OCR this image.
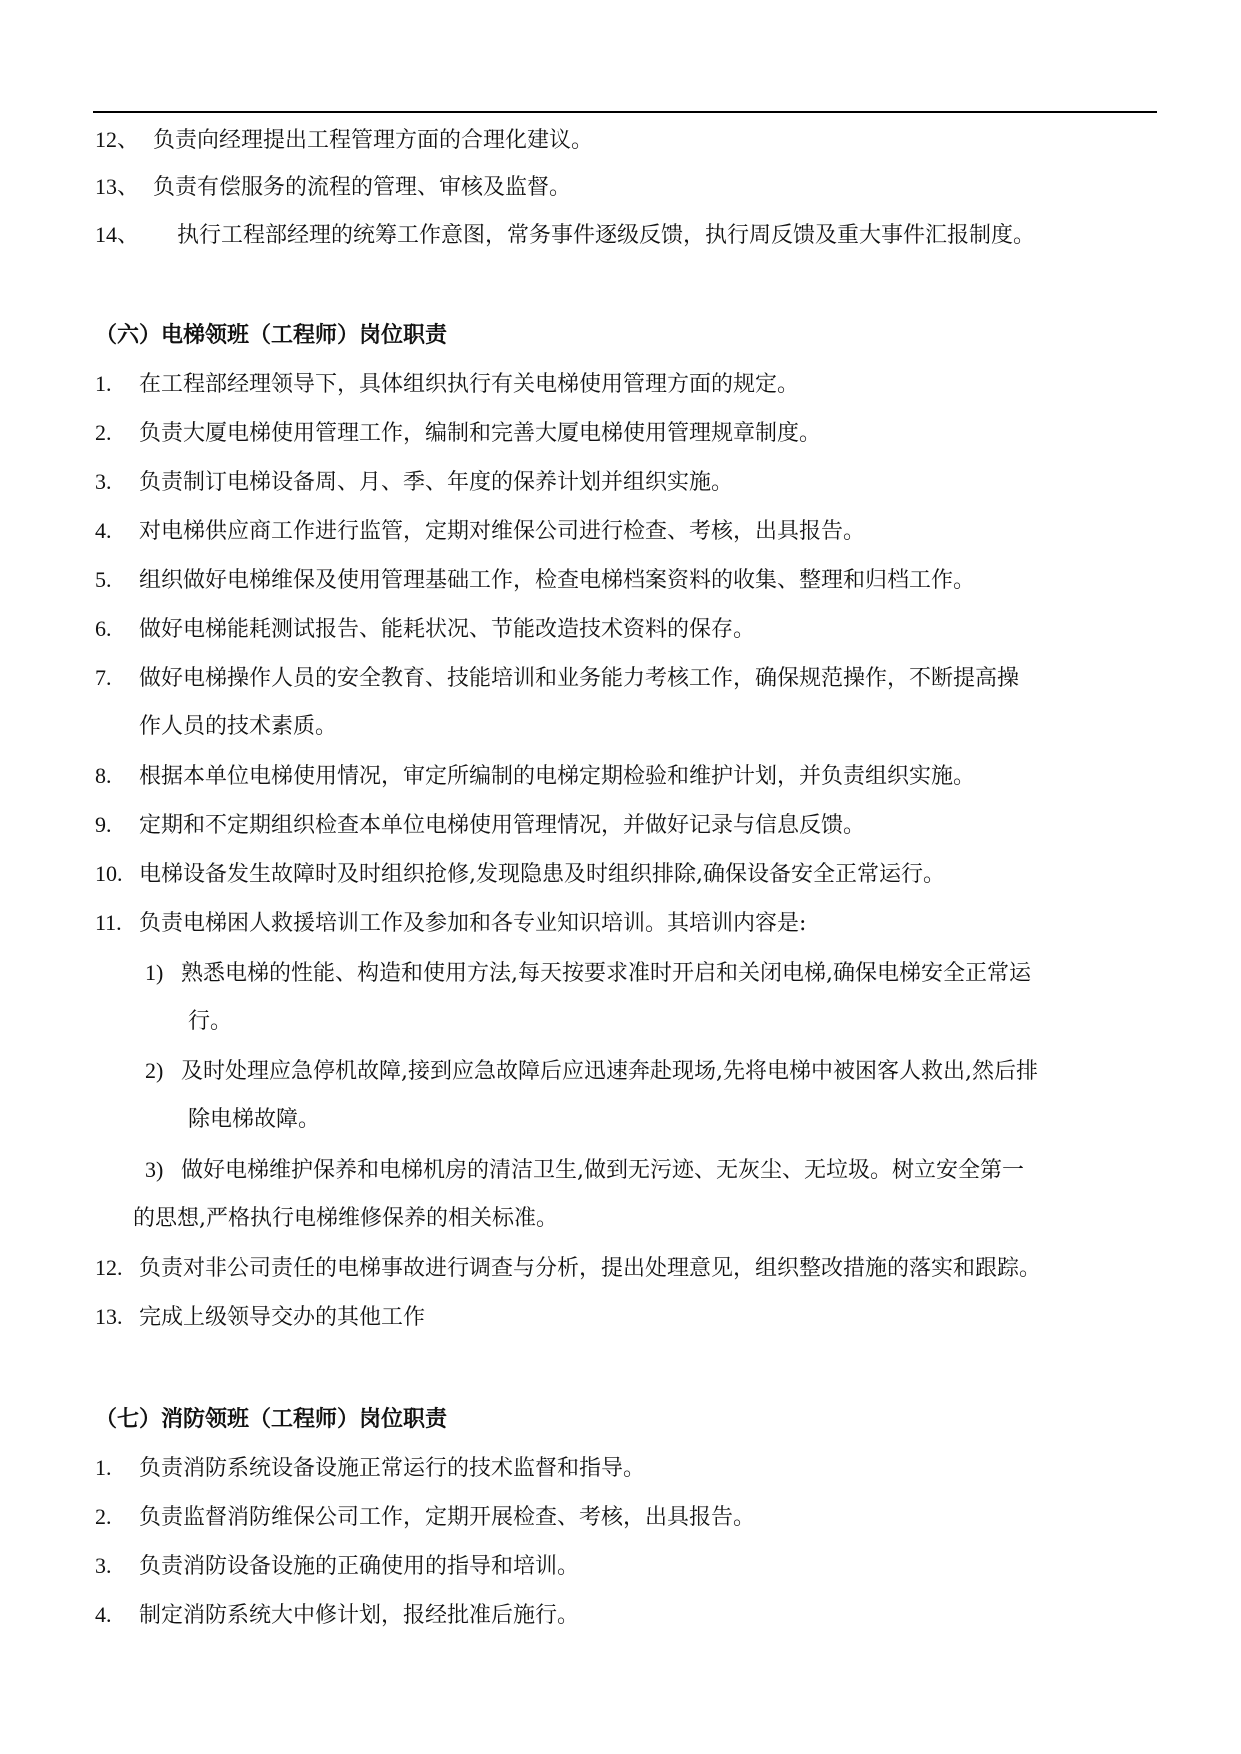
12、 负责向经理提出工程管理方面的合理化建议。
13、 负责有偿服务的流程的管理、审核及监督。
14、 执行工程部经理的统筹工作意图，常务事件逐级反馈，执行周反馈及重大事件汇报制度。
（六）电梯领班（工程师）岗位职责
1. 在工程部经理领导下，具体组织执行有关电梯使用管理方面的规定。
2. 负责大厦电梯使用管理工作，编制和完善大厦电梯使用管理规章制度。
3. 负责制订电梯设备周、月、季、年度的保养计划并组织实施。
4. 对电梯供应商工作进行监管，定期对维保公司进行检查、考核，出具报告。
5. 组织做好电梯维保及使用管理基础工作，检查电梯档案资料的收集、整理和归档工作。
6. 做好电梯能耗测试报告、能耗状况、节能改造技术资料的保存。
7. 做好电梯操作人员的安全教育、技能培训和业务能力考核工作，确保规范操作，不断提高操
作人员的技术素质。
8. 根据本单位电梯使用情况，审定所编制的电梯定期检验和维护计划，并负责组织实施。
9. 定期和不定期组织检查本单位电梯使用管理情况，并做好记录与信息反馈。
10. 电梯设备发生故障时及时组织抢修,发现隐患及时组织排除,确保设备安全正常运行。
11. 负责电梯困人救援培训工作及参加和各专业知识培训。其培训内容是:
1) 熟悉电梯的性能、构造和使用方法,每天按要求准时开启和关闭电梯,确保电梯安全正常运
行。
2) 及时处理应急停机故障,接到应急故障后应迅速奔赴现场,先将电梯中被困客人救出,然后排
除电梯故障。
3) 做好电梯维护保养和电梯机房的清洁卫生,做到无污迹、无灰尘、无垃圾。树立安全第一
的思想,严格执行电梯维修保养的相关标准。
12. 负责对非公司责任的电梯事故进行调查与分析，提出处理意见，组织整改措施的落实和跟踪。
13. 完成上级领导交办的其他工作
（七）消防领班（工程师）岗位职责
1. 负责消防系统设备设施正常运行的技术监督和指导。
2. 负责监督消防维保公司工作，定期开展检查、考核，出具报告。
3. 负责消防设备设施的正确使用的指导和培训。
4. 制定消防系统大中修计划，报经批准后施行。
